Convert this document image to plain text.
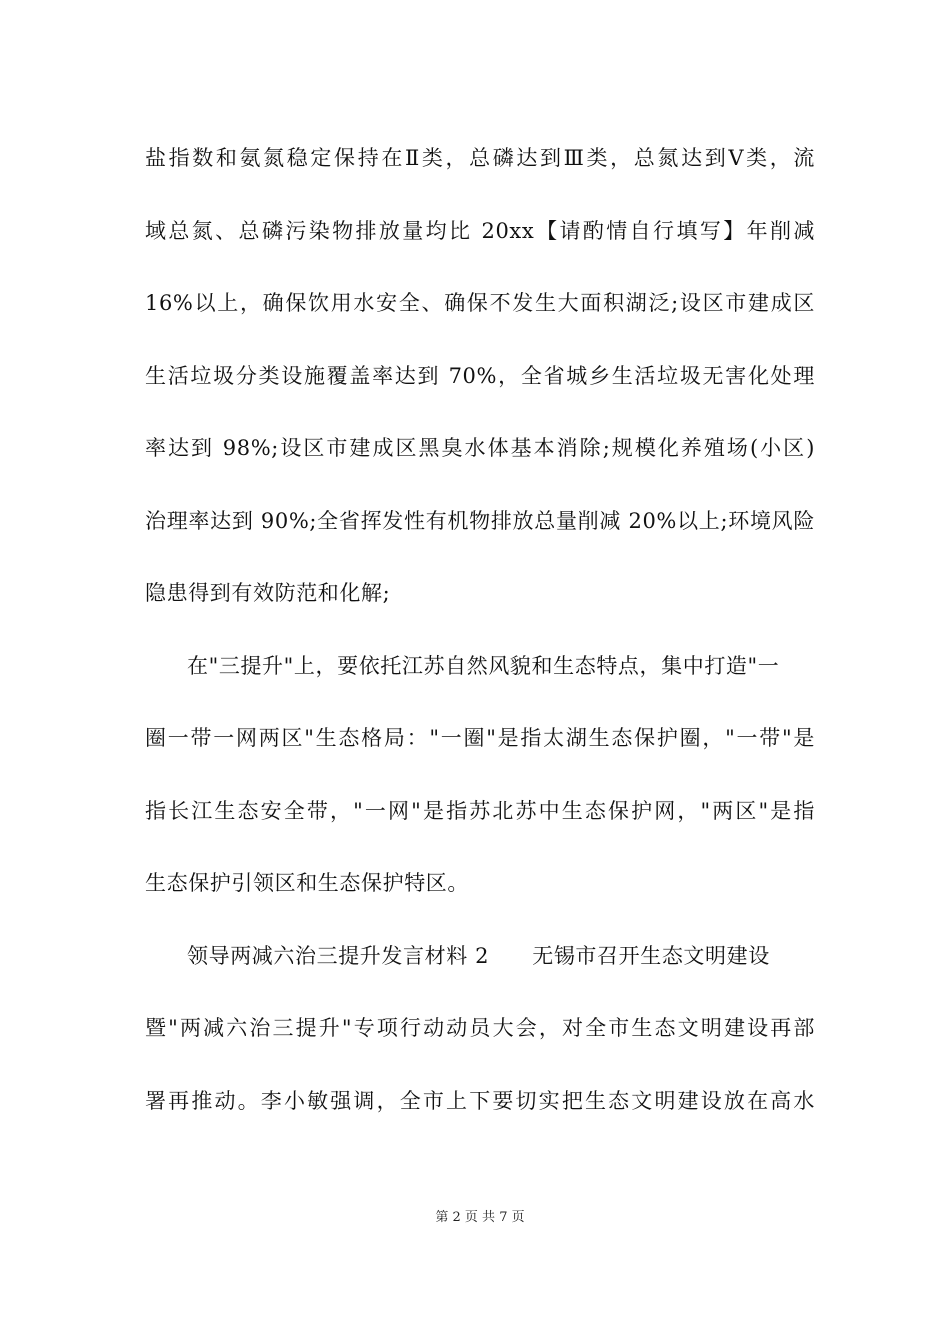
盐指数和氨氮稳定保持在Ⅱ类，总磷达到Ⅲ类，总氮达到Ⅴ类，流
域总氮、总磷污染物排放量均比 20xx【请酌情自行填写】年削减
16%以上，确保饮用水安全、确保不发生大面积湖泛;设区市建成区
生活垃圾分类设施覆盖率达到 70%，全省城乡生活垃圾无害化处理
率达到 98%;设区市建成区黑臭水体基本消除;规模化养殖场(小区)
治理率达到 90%;全省挥发性有机物排放总量削减 20%以上;环境风险
隐患得到有效防范和化解;
在"三提升"上，要依托江苏自然风貌和生态特点，集中打造"一
圈一带一网两区"生态格局："一圈"是指太湖生态保护圈，"一带"是
指长江生态安全带，"一网"是指苏北苏中生态保护网，"两区"是指
生态保护引领区和生态保护特区。
领导两减六治三提升发言材料 2　　无锡市召开生态文明建设
暨"两减六治三提升"专项行动动员大会，对全市生态文明建设再部
署再推动。李小敏强调，全市上下要切实把生态文明建设放在高水
第 2 页 共 7 页
